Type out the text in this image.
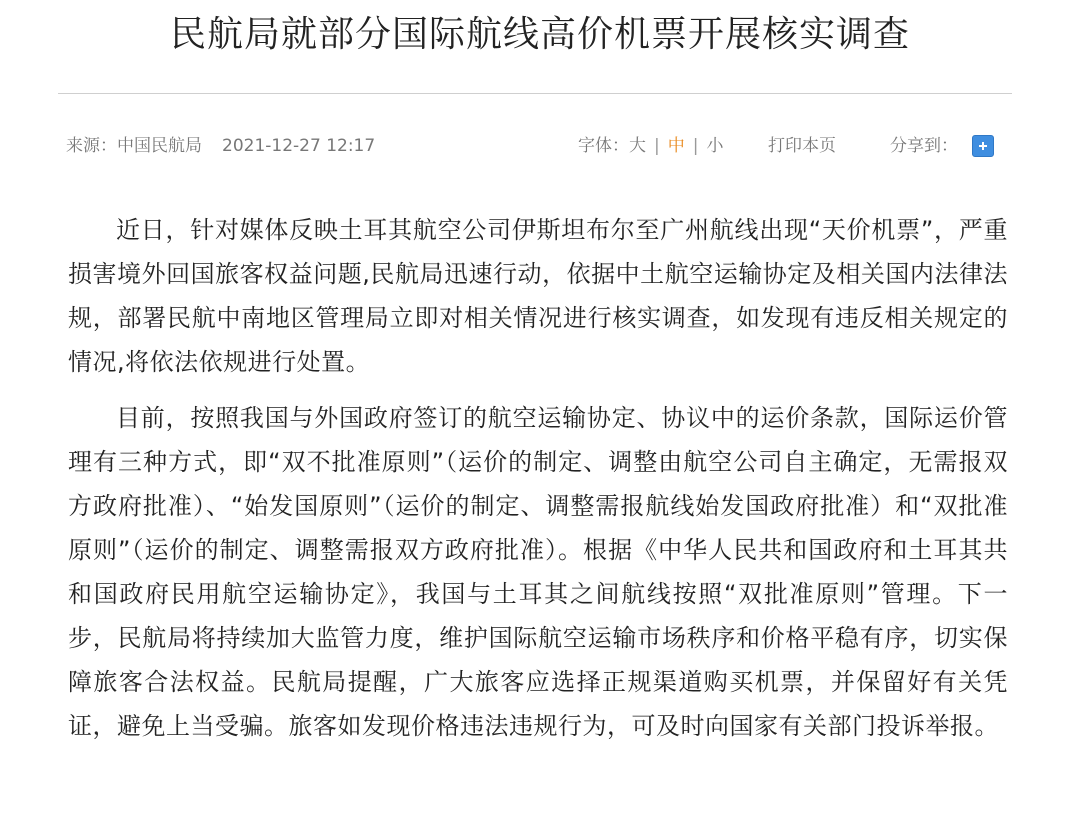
民航局就部分国际航线高价机票开展核实调查
来源：中国民航局 2021-12-27 12:17	字体：大 | 中 | 小	打印本页	分享到：

近日，针对媒体反映土耳其航空公司伊斯坦布尔至广州航线出现“天价机票”，严重损害境外回国旅客权益问题,民航局迅速行动，依据中土航空运输协定及相关国内法律法规，部署民航中南地区管理局立即对相关情况进行核实调查，如发现有违反相关规定的情况,将依法依规进行处置。

目前，按照我国与外国政府签订的航空运输协定、协议中的运价条款，国际运价管理有三种方式，即“双不批准原则”（运价的制定、调整由航空公司自主确定，无需报双方政府批准）、“始发国原则”（运价的制定、调整需报航线始发国政府批准）和“双批准原则”（运价的制定、调整需报双方政府批准）。根据《中华人民共和国政府和土耳其共和国政府民用航空运输协定》，我国与土耳其之间航线按照“双批准原则”管理。下一步，民航局将持续加大监管力度，维护国际航空运输市场秩序和价格平稳有序，切实保障旅客合法权益。民航局提醒，广大旅客应选择正规渠道购买机票，并保留好有关凭证，避免上当受骗。旅客如发现价格违法违规行为，可及时向国家有关部门投诉举报。
